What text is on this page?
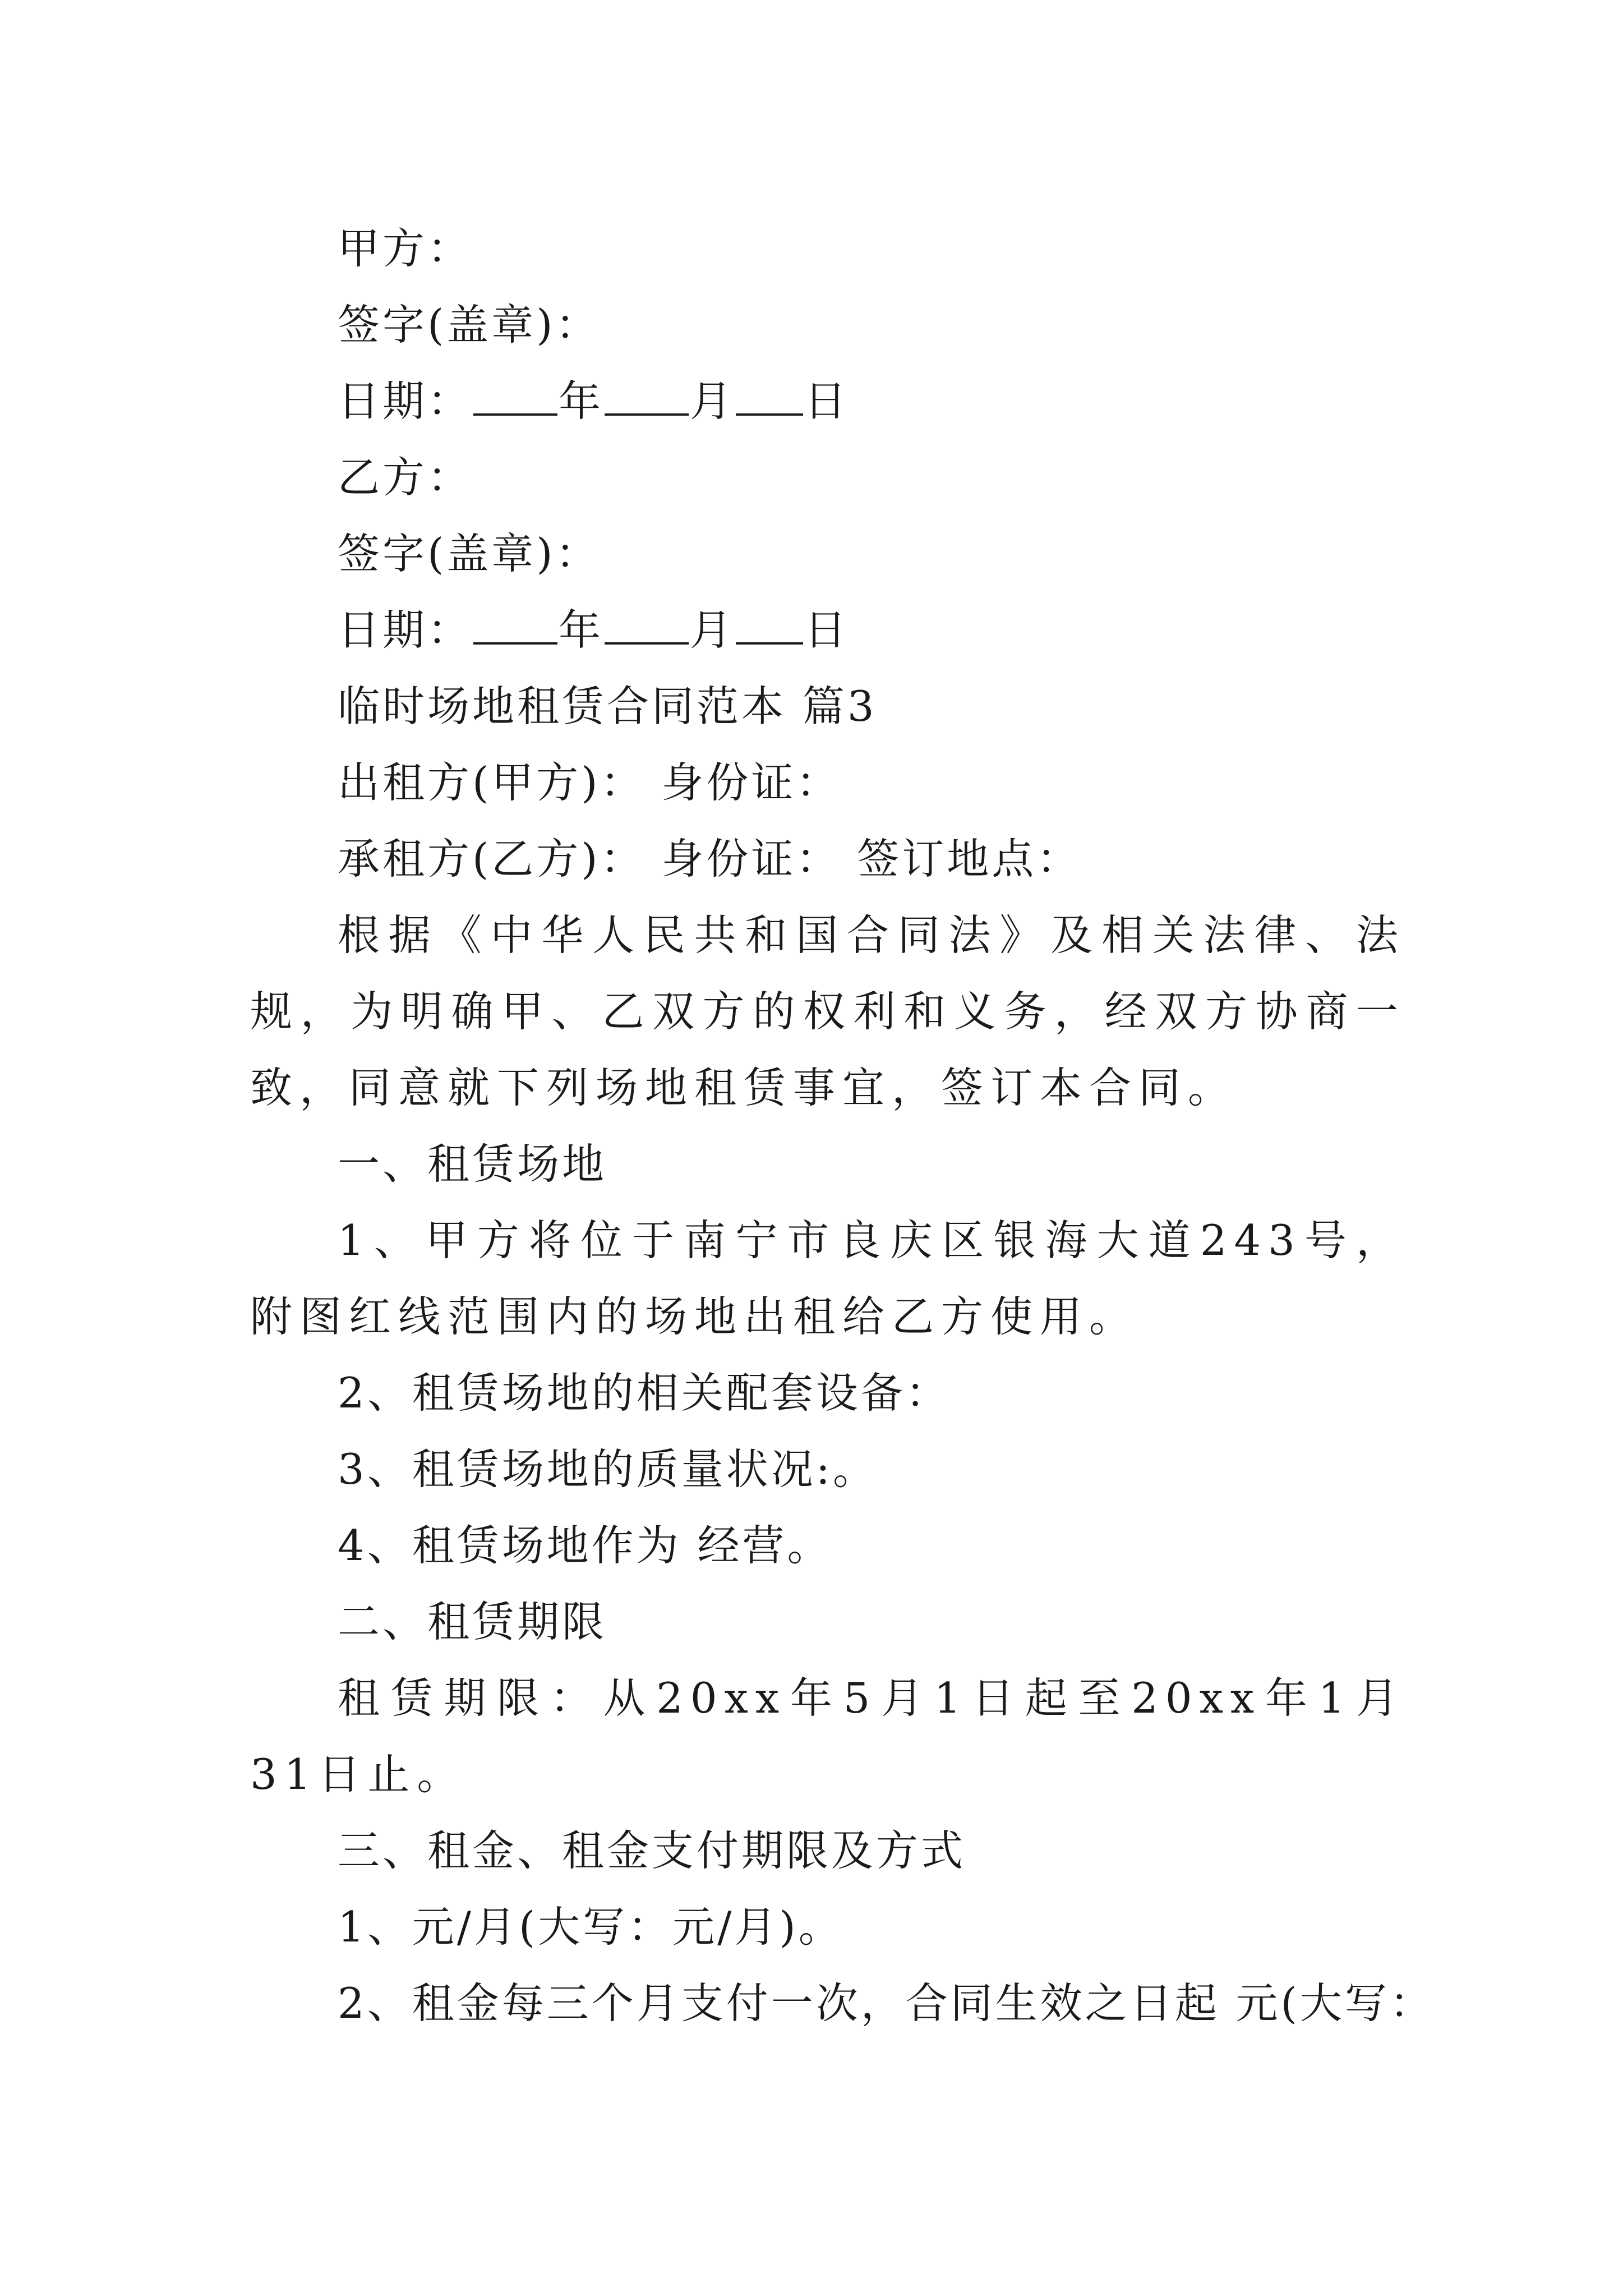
甲方：
签字(盖章)：
日期： 年 月 日
乙方：
签字(盖章)：
日期： 年 月 日
临时场地租赁合同范本 篇3
出租方(甲方)： 身份证：
承租方(乙方)： 身份证： 签订地点：

根据《中华人民共和国合同法》及相关法律、法规，为明确甲、乙双方的权利和义务，经双方协商一致，同意就下列场地租赁事宜，签订本合同。

一、租赁场地

1、甲方将位于南宁市良庆区银海大道243号，附图红线范围内的场地出租给乙方使用。

2、租赁场地的相关配套设备：
3、租赁场地的质量状况:。
4、租赁场地作为 经营。
二、租赁期限

租赁期限：从20xx年5月1日起至20xx年1月31日止。

三、租金、租金支付期限及方式
1、元/月(大写：元/月)。
2、租金每三个月支付一次，合同生效之日起 元(大写：
